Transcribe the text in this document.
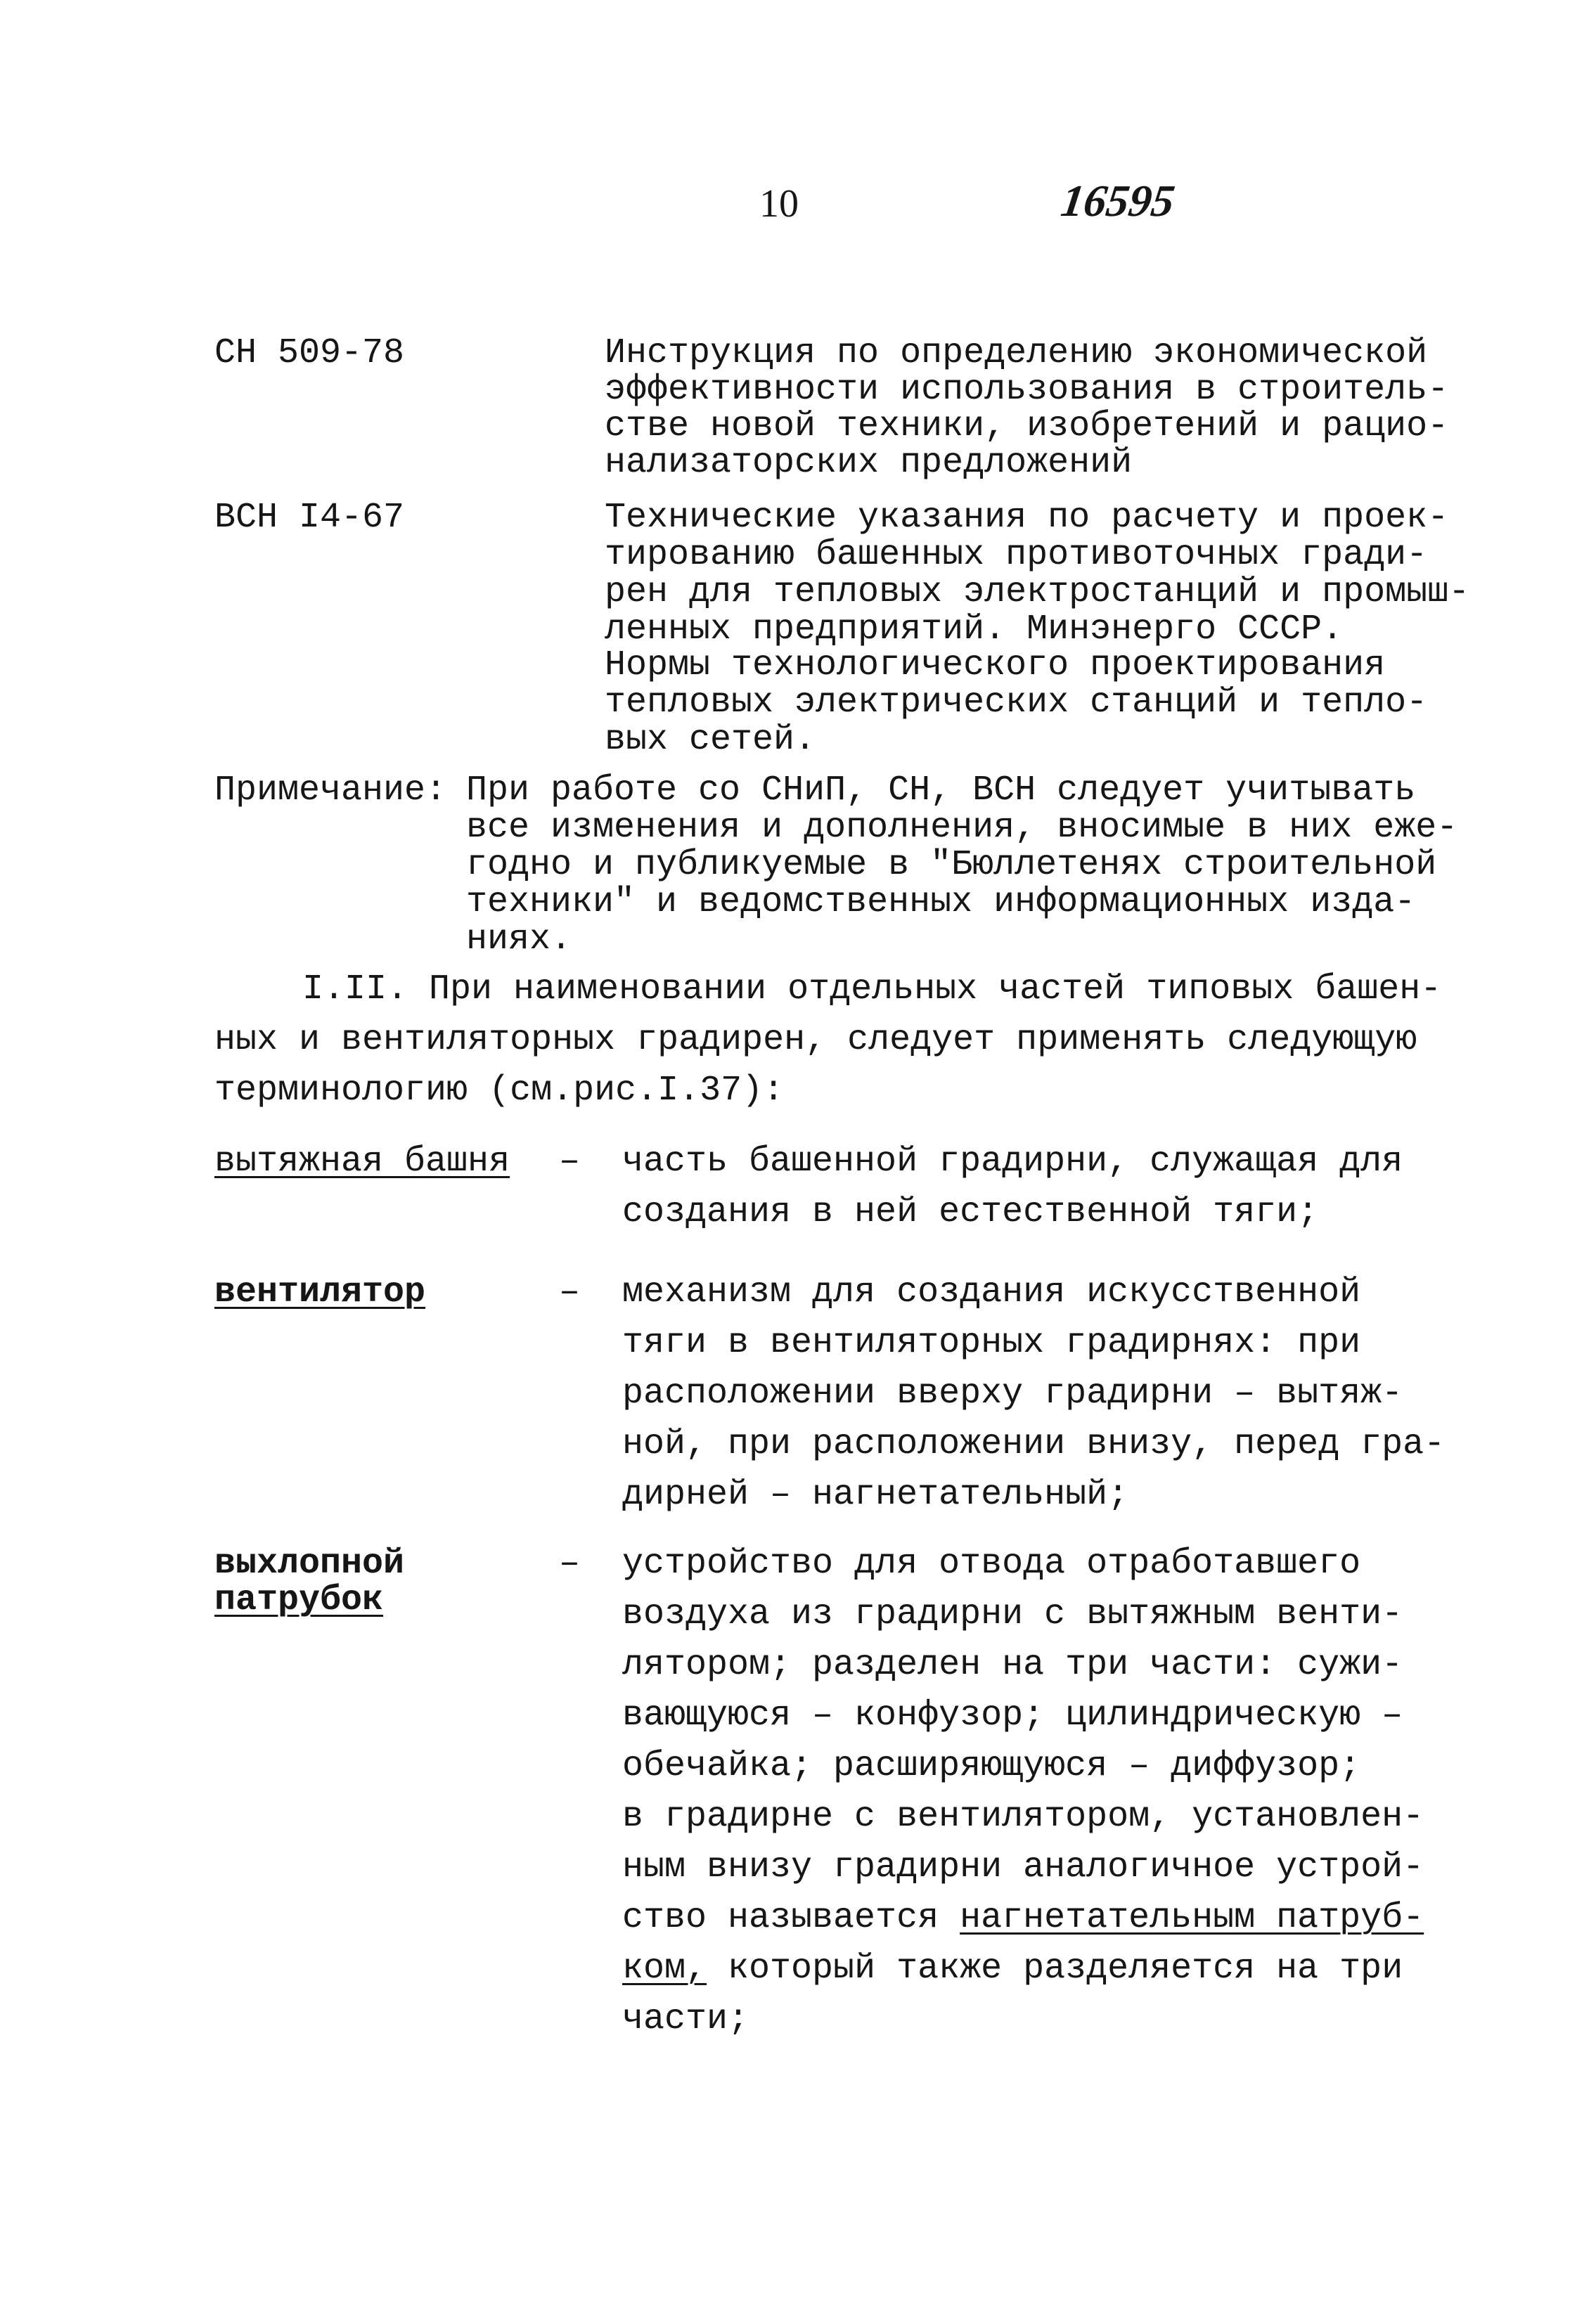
10	16595
СН 509-78	Инструкция по определению экономической
эффективности использования в строитель-
стве новой техники, изобретений и рацио-
нализаторских предложений
ВСН I4-67	Технические указания по расчету и проек-
тированию башенных противоточных гради-
рен для тепловых электростанций и промыш-
ленных предприятий. Минэнерго СССР.
Нормы технологического проектирования
тепловых электрических станций и тепло-
вых сетей.
Примечание: При работе со СНиП, СН, ВСН следует учитывать
все изменения и дополнения, вносимые в них еже-
годно и публикуемые в "Бюллетенях строительной
техники" и ведомственных информационных изда-
ниях.
I.II. При наименовании отдельных частей типовых башен-
ных и вентиляторных градирен, следует применять следующую
терминологию (см.рис.I.37):
вытяжная башня – часть башенной градирни, служащая для
создания в ней естественной тяги;
вентилятор	– механизм для создания искусственной
тяги в вентиляторных градирнях: при
расположении вверху градирни – вытяж-
ной, при расположении внизу, перед гра-
дирней – нагнетательный;
выхлопной
патрубок
– устройство для отвода отработавшего
воздуха из градирни с вытяжным венти-
лятором; разделен на три части: сужи-
вающуюся – конфузор; цилиндрическую –
обечайка; расширяющуюся – диффузор;
в градирне с вентилятором, установлен-
ным внизу градирни аналогичное устрой-
ство называется нагнетательным патруб-
ком, который также разделяется на три
части;
